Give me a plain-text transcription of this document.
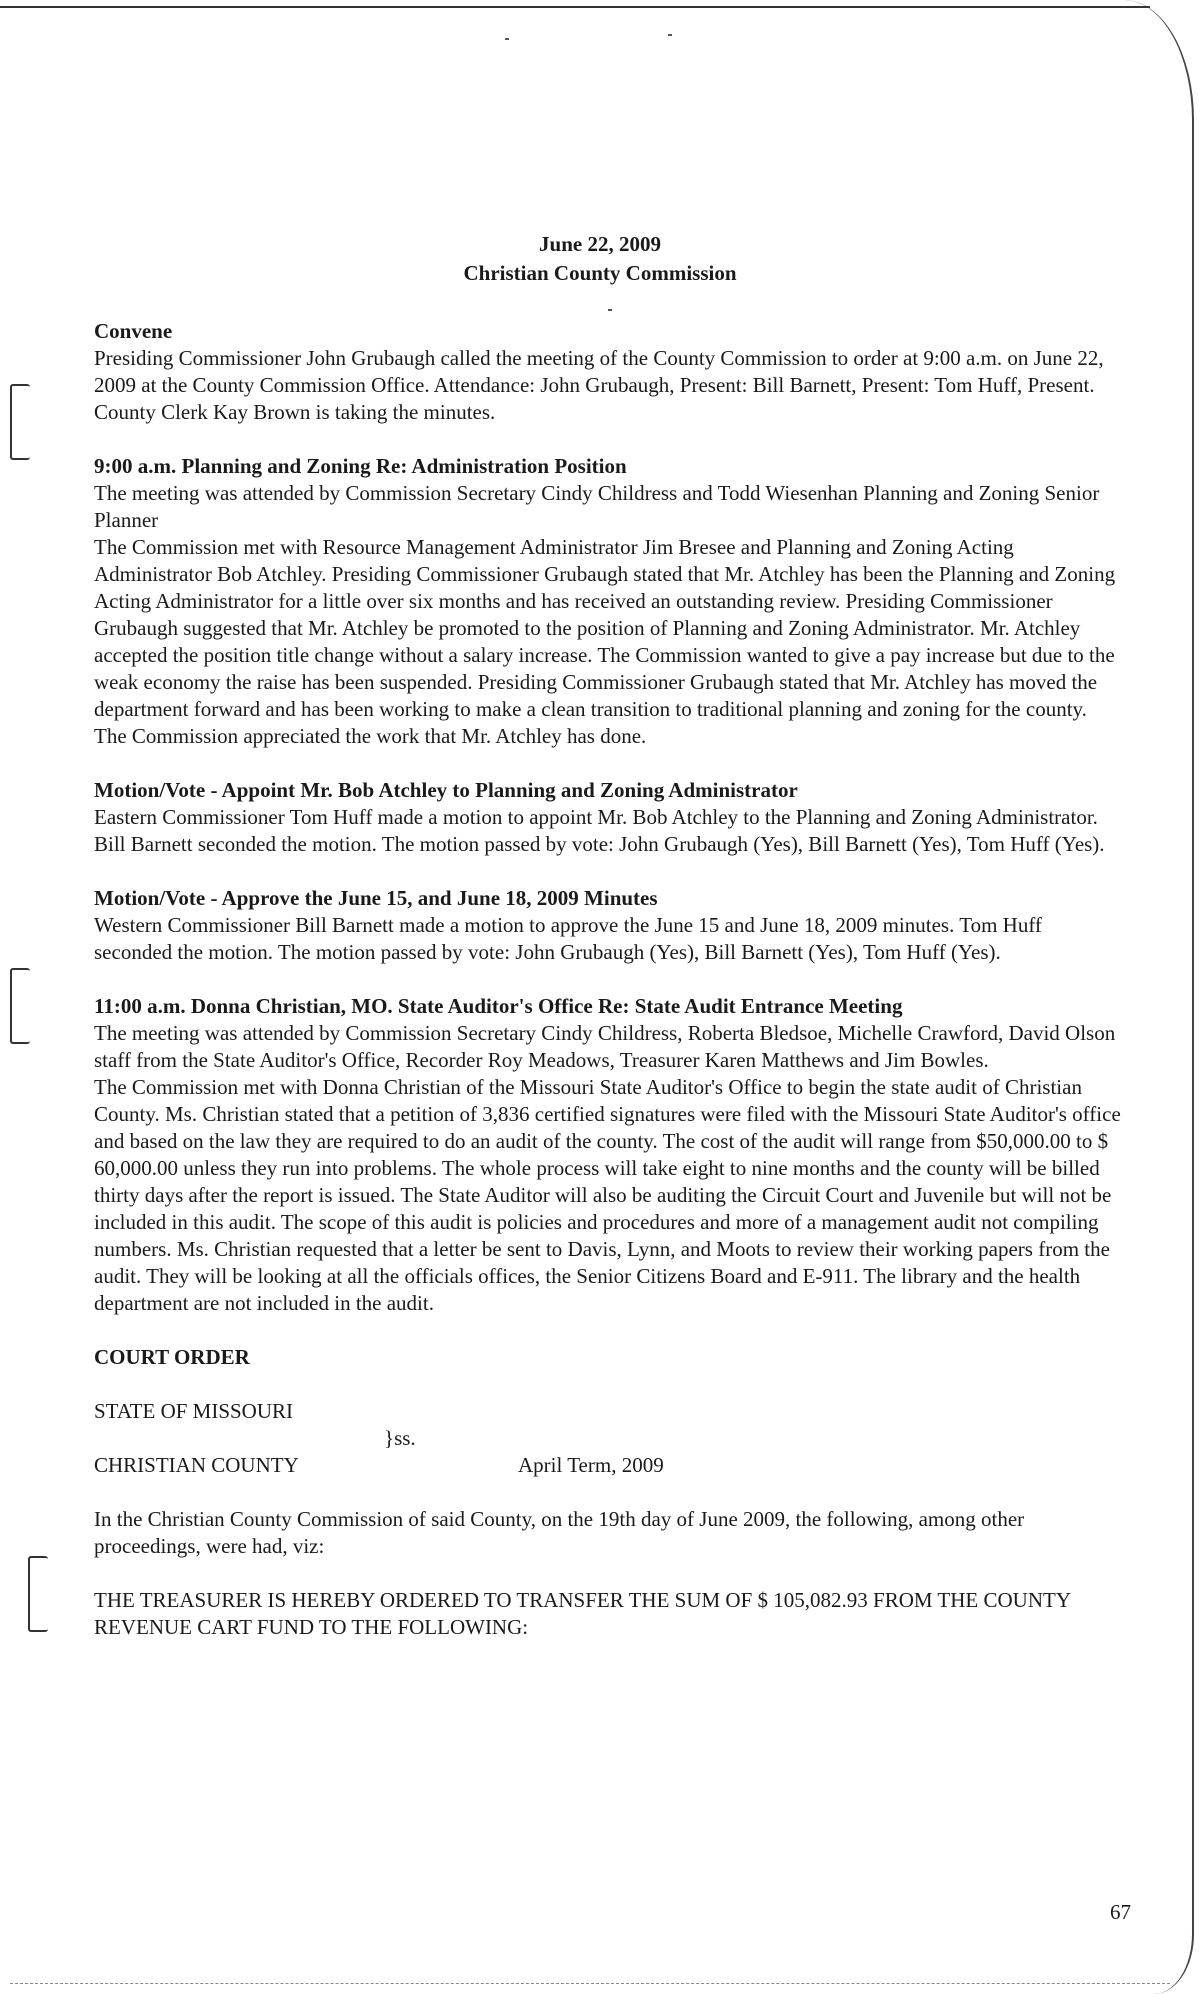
June 22, 2009
Christian County Commission
Convene

Presiding Commissioner John Grubaugh called the meeting of the County Commission to order at 9:00 a.m. on June 22, 2009 at the County Commission Office. Attendance: John Grubaugh, Present: Bill Barnett, Present: Tom Huff, Present. County Clerk Kay Brown is taking the minutes.

9:00 a.m. Planning and Zoning Re: Administration Position

The meeting was attended by Commission Secretary Cindy Childress and Todd Wiesenhan Planning and Zoning Senior Planner

The Commission met with Resource Management Administrator Jim Bresee and Planning and Zoning Acting Administrator Bob Atchley. Presiding Commissioner Grubaugh stated that Mr. Atchley has been the Planning and Zoning Acting Administrator for a little over six months and has received an outstanding review. Presiding Commissioner Grubaugh suggested that Mr. Atchley be promoted to the position of Planning and Zoning Administrator. Mr. Atchley accepted the position title change without a salary increase. The Commission wanted to give a pay increase but due to the weak economy the raise has been suspended. Presiding Commissioner Grubaugh stated that Mr. Atchley has moved the department forward and has been working to make a clean transition to traditional planning and zoning for the county. The Commission appreciated the work that Mr. Atchley has done.

Motion/Vote - Appoint Mr. Bob Atchley to Planning and Zoning Administrator

Eastern Commissioner Tom Huff made a motion to appoint Mr. Bob Atchley to the Planning and Zoning Administrator. Bill Barnett seconded the motion. The motion passed by vote: John Grubaugh (Yes), Bill Barnett (Yes), Tom Huff (Yes).

Motion/Vote - Approve the June 15, and June 18, 2009 Minutes

Western Commissioner Bill Barnett made a motion to approve the June 15 and June 18, 2009 minutes. Tom Huff seconded the motion. The motion passed by vote: John Grubaugh (Yes), Bill Barnett (Yes), Tom Huff (Yes).

11:00 a.m. Donna Christian, MO. State Auditor's Office Re: State Audit Entrance Meeting

The meeting was attended by Commission Secretary Cindy Childress, Roberta Bledsoe, Michelle Crawford, David Olson staff from the State Auditor's Office, Recorder Roy Meadows, Treasurer Karen Matthews and Jim Bowles.

The Commission met with Donna Christian of the Missouri State Auditor's Office to begin the state audit of Christian County. Ms. Christian stated that a petition of 3,836 certified signatures were filed with the Missouri State Auditor's office and based on the law they are required to do an audit of the county. The cost of the audit will range from $50,000.00 to $ 60,000.00 unless they run into problems. The whole process will take eight to nine months and the county will be billed thirty days after the report is issued. The State Auditor will also be auditing the Circuit Court and Juvenile but will not be included in this audit. The scope of this audit is policies and procedures and more of a management audit not compiling numbers. Ms. Christian requested that a letter be sent to Davis, Lynn, and Moots to review their working papers from the audit. They will be looking at all the officials offices, the Senior Citizens Board and E-911. The library and the health department are not included in the audit.

COURT ORDER
STATE OF MISSOURI
}ss.
CHRISTIAN COUNTY	April Term, 2009

In the Christian County Commission of said County, on the 19th day of June 2009, the following, among other proceedings, were had, viz:

THE TREASURER IS HEREBY ORDERED TO TRANSFER THE SUM OF $ 105,082.93 FROM THE COUNTY REVENUE CART FUND TO THE FOLLOWING:

67
